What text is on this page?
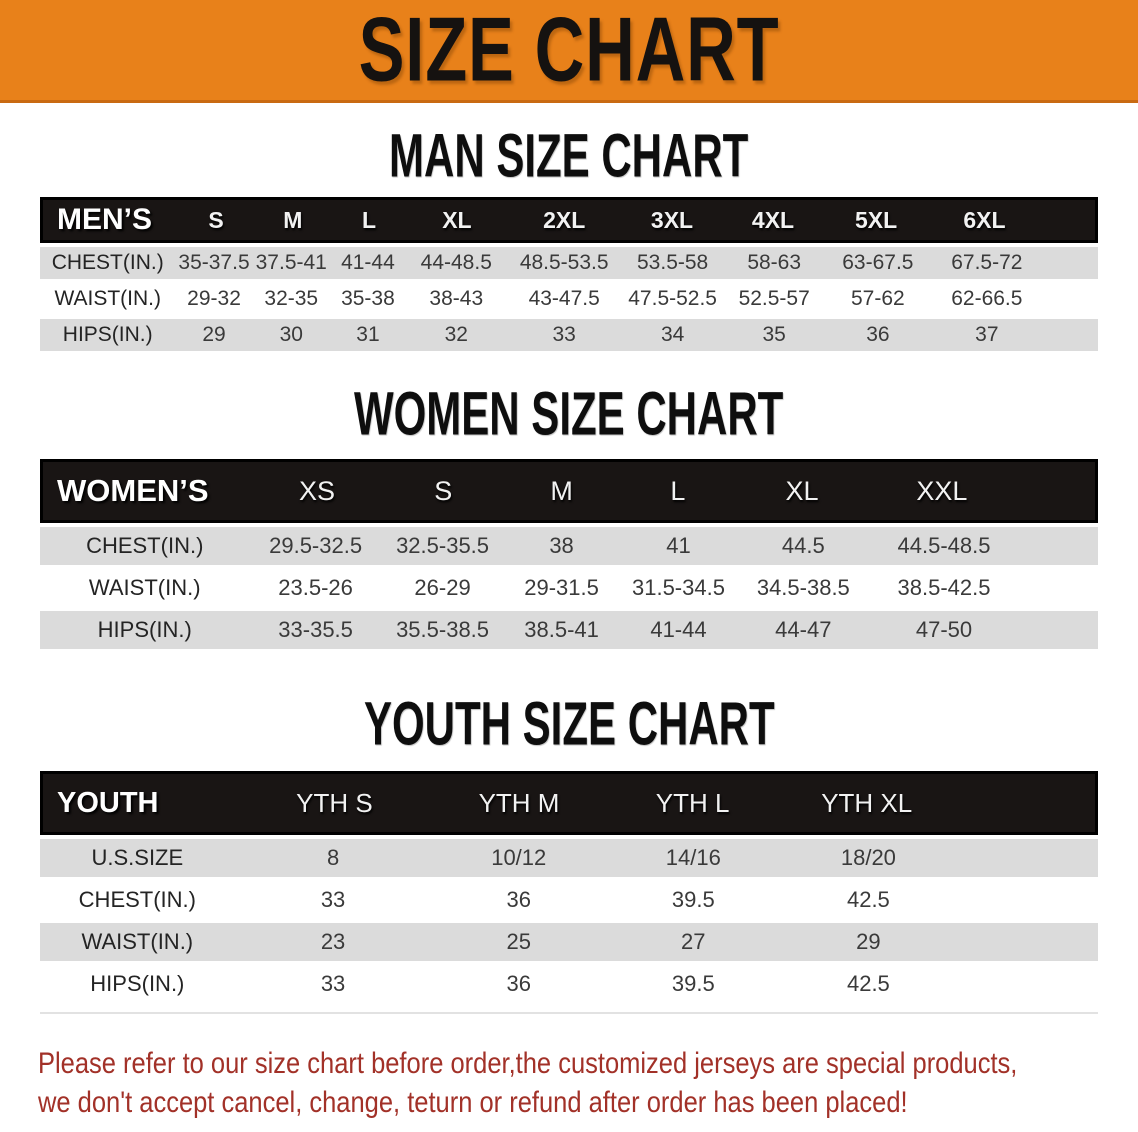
SIZE CHART
MAN SIZE CHART
MEN’S	S	M	L	XL	2XL	3XL	4XL	5XL	6XL
CHEST(IN.) 35-37.5 37.5-41 41-44	44-48.5	48.5-53.5	53.5-58	58-63	63-67.5	67.5-72
WAIST(IN.)	29-32	32-35	35-38	38-43	43-47.5	47.5-52.5	52.5-57	57-62	62-66.5
HIPS(IN.)	29	30	31	32	33	34	35	36	37
WOMEN SIZE CHART
WOMEN’S	XS	S	M	L	XL	XXL
CHEST(IN.)	29.5-32.5	32.5-35.5	38	41	44.5	44.5-48.5
WAIST(IN.)	23.5-26	26-29	29-31.5	31.5-34.5	34.5-38.5	38.5-42.5
HIPS(IN.)	33-35.5	35.5-38.5	38.5-41	41-44	44-47	47-50
YOUTH SIZE CHART
YOUTH	YTH S	YTH M	YTH L	YTH XL
U.S.SIZE	8	10/12	14/16	18/20
CHEST(IN.)	33	36	39.5	42.5
WAIST(IN.)	23	25	27	29
HIPS(IN.)	33	36	39.5	42.5

Please refer to our size chart before order,the customized jerseys are special products,

we don't accept cancel, change, teturn or refund after order has been placed!
